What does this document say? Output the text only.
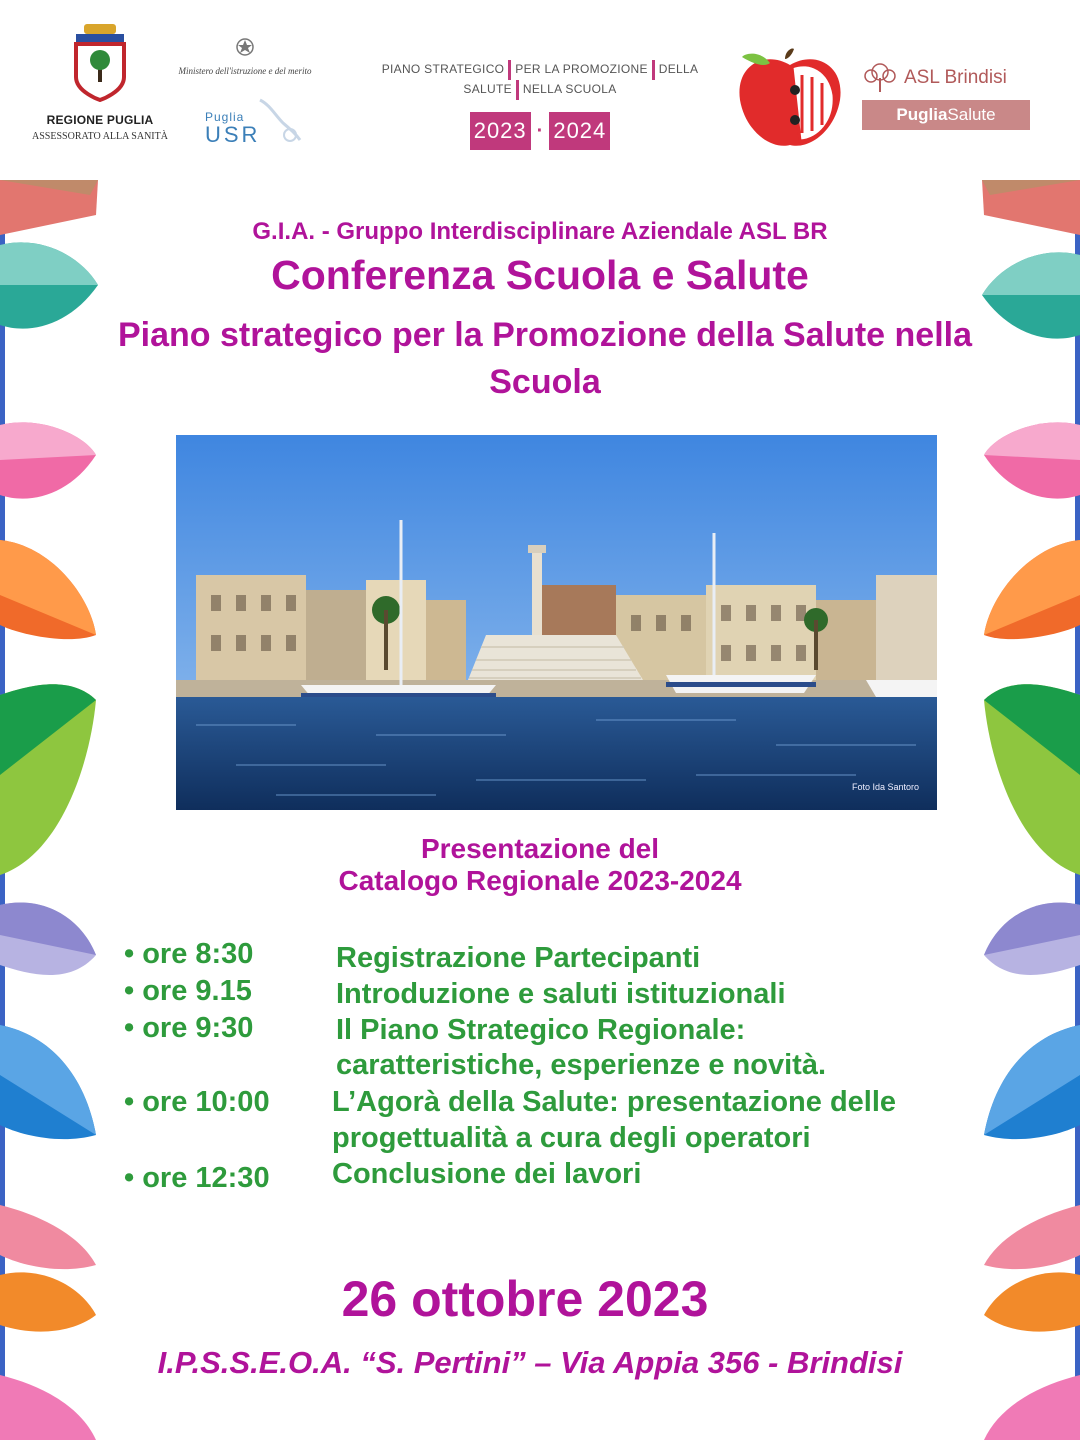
REGIONE PUGLIA
ASSESSORATO ALLA SANITÀ
Ministero dell'istruzione e del merito
Puglia
USR
PIANO STRATEGICO PER LA PROMOZIONE DELLA SALUTE NELLA SCUOLA
2023 · 2024
ASL Brindisi
PugliaSalute
G.I.A. - Gruppo Interdisciplinare Aziendale ASL BR
Conferenza Scuola e Salute
Piano strategico per la Promozione della Salute nella Scuola
Foto Ida Santoro
Presentazione del
Catalogo Regionale 2023-2024
• ore 8:30	Registrazione Partecipanti
• ore 9.15	Introduzione e saluti istituzionali
• ore 9:30	Il Piano Strategico Regionale:
caratteristiche, esperienze e novità.
• ore 10:00 L’Agorà della Salute: presentazione delle
progettualità a cura degli operatori
• ore 12:30 Conclusione dei lavori
26 ottobre 2023
I.P.S.S.E.O.A. “S. Pertini” – Via Appia 356 - Brindisi
